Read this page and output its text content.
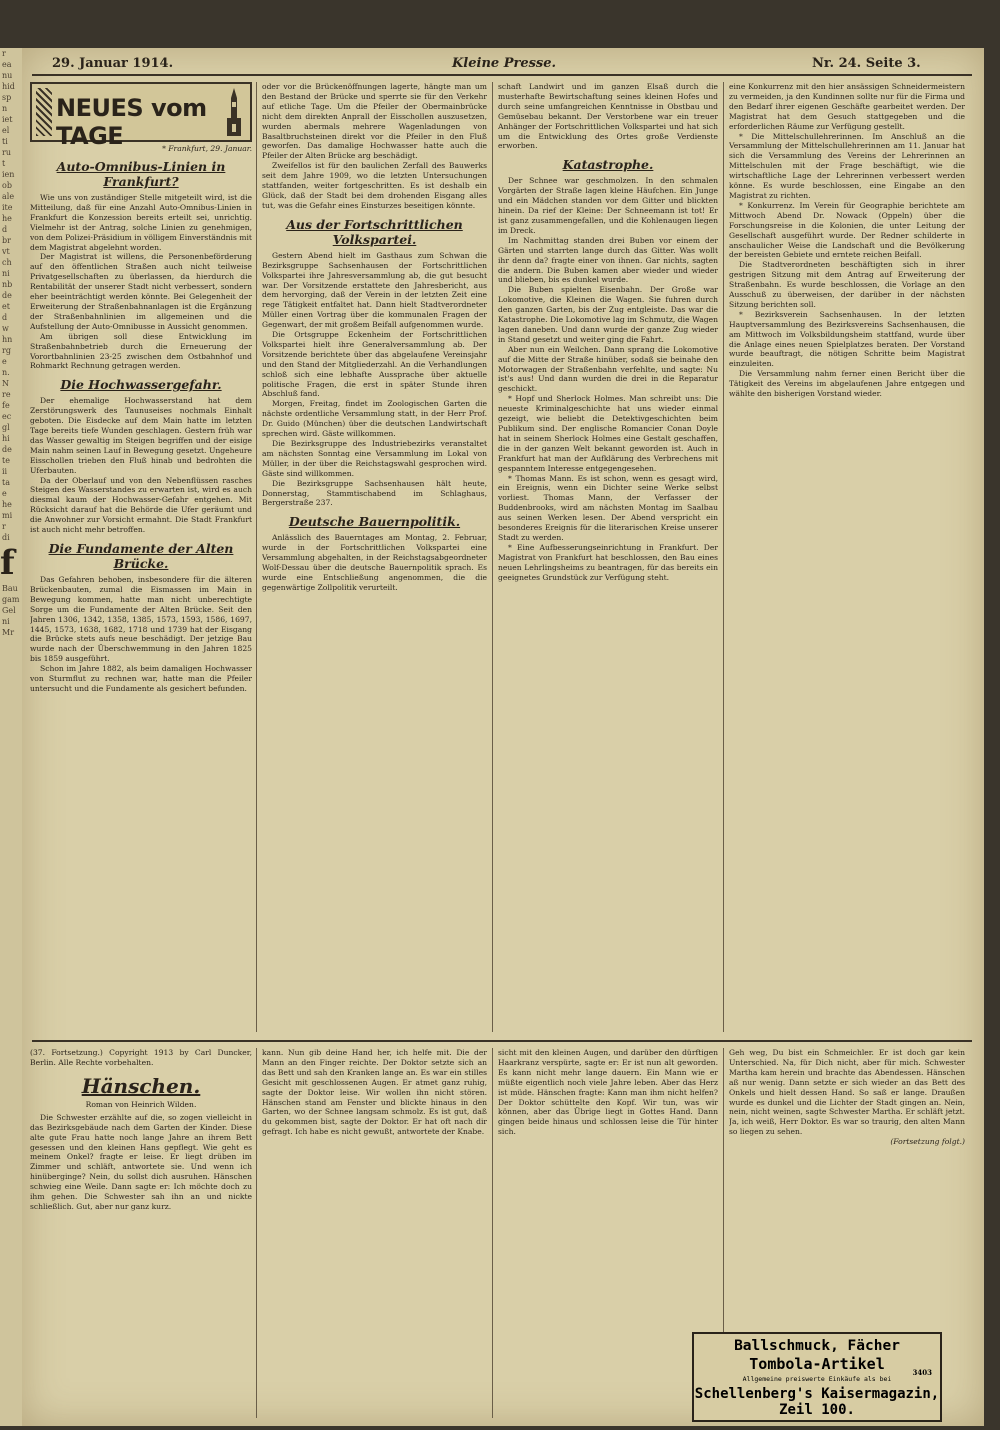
r
ea
nu
hid
sp
n
iet
el
ti
ru
t
ien
ob
ale
ite
he
d
br
vt
ch
ni
nb
de
et
d
w
hn
rg
e
n.
N
re
fe
ec
gl
hi
de
te
ii
ta
e
he
mi
r
di
f
Bau
gam
Gel
ni
Mr
29. Januar 1914.	Kleine Presse.	Nr. 24. Seite 3.
NEUES vom TAGE	* Frankfurt, 29. Januar.
Auto-Omnibus-Linien in Frankfurt?

Wie uns von zuständiger Stelle mitgeteilt wird, ist die Mitteilung, daß für eine Anzahl Auto-Omnibus-Linien in Frankfurt die Konzession bereits erteilt sei, unrichtig. Vielmehr ist der Antrag, solche Linien zu genehmigen, von dem Polizei-Präsidium in völligem Einverständnis mit dem Magistrat abgelehnt worden.

Der Magistrat ist willens, die Personenbeförderung auf den öffentlichen Straßen auch nicht teilweise Privatgesellschaften zu überlassen, da hierdurch die Rentabilität der unserer Stadt nicht verbessert, sondern eher beeinträchtigt werden könnte. Bei Gelegenheit der Erweiterung der Straßenbahnanlagen ist die Ergänzung der Straßenbahnlinien im allgemeinen und die Aufstellung der Auto-Omnibusse in Aussicht genommen.

Am übrigen soll diese Entwicklung im Straßenbahnbetrieb durch die Erneuerung der Vorortbahnlinien 23-25 zwischen dem Ostbahnhof und Rohmarkt Rechnung getragen werden.

Die Hochwassergefahr.

Der ehemalige Hochwasserstand hat dem Zerstörungswerk des Taunuseises nochmals Einhalt geboten. Die Eisdecke auf dem Main hatte im letzten Tage bereits tiefe Wunden geschlagen. Gestern früh war das Wasser gewaltig im Steigen begriffen und der eisige Main nahm seinen Lauf in Bewegung gesetzt. Ungeheure Eisschollen trieben den Fluß hinab und bedrohten die Uferbauten.

Da der Oberlauf und von den Nebenflüssen rasches Steigen des Wasserstandes zu erwarten ist, wird es auch diesmal kaum der Hochwasser-Gefahr entgehen. Mit Rücksicht darauf hat die Behörde die Ufer geräumt und die Anwohner zur Vorsicht ermahnt. Die Stadt Frankfurt ist auch nicht mehr betroffen.

Die Fundamente der Alten Brücke.

Das Gefahren behoben, insbesondere für die älteren Brückenbauten, zumal die Eismassen im Main in Bewegung kommen, hatte man nicht unberechtigte Sorge um die Fundamente der Alten Brücke. Seit den Jahren 1306, 1342, 1358, 1385, 1573, 1593, 1586, 1697, 1445, 1573, 1638, 1682, 1718 und 1739 hat der Eisgang die Brücke stets aufs neue beschädigt. Der jetzige Bau wurde nach der Überschwemmung in den Jahren 1825 bis 1859 ausgeführt.

Schon im Jahre 1882, als beim damaligen Hochwasser von Sturmflut zu rechnen war, hatte man die Pfeiler untersucht und die Fundamente als gesichert befunden.

oder vor die Brückenöffnungen lagerte, hängte man um den Bestand der Brücke und sperrte sie für den Verkehr auf etliche Tage. Um die Pfeiler der Obermainbrücke nicht dem direkten Anprall der Eisschollen auszusetzen, wurden abermals mehrere Wagenladungen von Basaltbruchsteinen direkt vor die Pfeiler in den Fluß geworfen. Das damalige Hochwasser hatte auch die Pfeiler der Alten Brücke arg beschädigt.

Zweifellos ist für den baulichen Zerfall des Bauwerks seit dem Jahre 1909, wo die letzten Untersuchungen stattfanden, weiter fortgeschritten. Es ist deshalb ein Glück, daß der Stadt bei dem drohenden Eisgang alles tut, was die Gefahr eines Einsturzes beseitigen könnte.

Aus der Fortschrittlichen Volkspartei.

Gestern Abend hielt im Gasthaus zum Schwan die Bezirksgruppe Sachsenhausen der Fortschrittlichen Volkspartei ihre Jahresversammlung ab, die gut besucht war. Der Vorsitzende erstattete den Jahresbericht, aus dem hervorging, daß der Verein in der letzten Zeit eine rege Tätigkeit entfaltet hat. Dann hielt Stadtverordneter Müller einen Vortrag über die kommunalen Fragen der Gegenwart, der mit großem Beifall aufgenommen wurde.

Die Ortsgruppe Eckenheim der Fortschrittlichen Volkspartei hielt ihre Generalversammlung ab. Der Vorsitzende berichtete über das abgelaufene Vereinsjahr und den Stand der Mitgliederzahl. An die Verhandlungen schloß sich eine lebhafte Aussprache über aktuelle politische Fragen, die erst in später Stunde ihren Abschluß fand.

Morgen, Freitag, findet im Zoologischen Garten die nächste ordentliche Versammlung statt, in der Herr Prof. Dr. Guido (München) über die deutschen Landwirtschaft sprechen wird. Gäste willkommen.

Die Bezirksgruppe des Industriebezirks veranstaltet am nächsten Sonntag eine Versammlung im Lokal von Müller, in der über die Reichstagswahl gesprochen wird. Gäste sind willkommen.

Die Bezirksgruppe Sachsenhausen hält heute, Donnerstag, Stammtischabend im Schlaghaus, Bergerstraße 237.

Deutsche Bauernpolitik.

Anlässlich des Bauerntages am Montag, 2. Februar, wurde in der Fortschrittlichen Volkspartei eine Versammlung abgehalten, in der Reichstagsabgeordneter Wolf-Dessau über die deutsche Bauernpolitik sprach. Es wurde eine Entschließung angenommen, die die gegenwärtige Zollpolitik verurteilt.

schaft Landwirt und im ganzen Elsaß durch die musterhafte Bewirtschaftung seines kleinen Hofes und durch seine umfangreichen Kenntnisse in Obstbau und Gemüsebau bekannt. Der Verstorbene war ein treuer Anhänger der Fortschrittlichen Volkspartei und hat sich um die Entwicklung des Ortes große Verdienste erworben.

Katastrophe.

Der Schnee war geschmolzen. In den schmalen Vorgärten der Straße lagen kleine Häufchen. Ein Junge und ein Mädchen standen vor dem Gitter und blickten hinein. Da rief der Kleine: Der Schneemann ist tot! Er ist ganz zusammengefallen, und die Kohlenaugen liegen im Dreck.

Im Nachmittag standen drei Buben vor einem der Gärten und starrten lange durch das Gitter. Was wollt ihr denn da? fragte einer von ihnen. Gar nichts, sagten die andern. Die Buben kamen aber wieder und wieder und blieben, bis es dunkel wurde.

Die Buben spielten Eisenbahn. Der Große war Lokomotive, die Kleinen die Wagen. Sie fuhren durch den ganzen Garten, bis der Zug entgleiste. Das war die Katastrophe. Die Lokomotive lag im Schmutz, die Wagen lagen daneben. Und dann wurde der ganze Zug wieder in Stand gesetzt und weiter ging die Fahrt.

Aber nun ein Weilchen. Dann sprang die Lokomotive auf die Mitte der Straße hinüber, sodaß sie beinahe den Motorwagen der Straßenbahn verfehlte, und sagte: Nu ist's aus! Und dann wurden die drei in die Reparatur geschickt.

* Hopf und Sherlock Holmes. Man schreibt uns: Die neueste Kriminalgeschichte hat uns wieder einmal gezeigt, wie beliebt die Detektivgeschichten beim Publikum sind. Der englische Romancier Conan Doyle hat in seinem Sherlock Holmes eine Gestalt geschaffen, die in der ganzen Welt bekannt geworden ist. Auch in Frankfurt hat man der Aufklärung des Verbrechens mit gespanntem Interesse entgegengesehen.

* Thomas Mann. Es ist schon, wenn es gesagt wird, ein Ereignis, wenn ein Dichter seine Werke selbst vorliest. Thomas Mann, der Verfasser der Buddenbrooks, wird am nächsten Montag im Saalbau aus seinen Werken lesen. Der Abend verspricht ein besonderes Ereignis für die literarischen Kreise unserer Stadt zu werden.

* Eine Aufbesserungseinrichtung in Frankfurt. Der Magistrat von Frankfurt hat beschlossen, den Bau eines neuen Lehrlingsheims zu beantragen, für das bereits ein geeignetes Grundstück zur Verfügung steht.

eine Konkurrenz mit den hier ansässigen Schneidermeistern zu vermeiden, ja den Kundinnen sollte nur für die Firma und den Bedarf ihrer eigenen Geschäfte gearbeitet werden. Der Magistrat hat dem Gesuch stattgegeben und die erforderlichen Räume zur Verfügung gestellt.

* Die Mittelschullehrerinnen. Im Anschluß an die Versammlung der Mittelschullehrerinnen am 11. Januar hat sich die Versammlung des Vereins der Lehrerinnen an Mittelschulen mit der Frage beschäftigt, wie die wirtschaftliche Lage der Lehrerinnen verbessert werden könne. Es wurde beschlossen, eine Eingabe an den Magistrat zu richten.

* Konkurrenz. Im Verein für Geographie berichtete am Mittwoch Abend Dr. Nowack (Oppeln) über die Forschungsreise in die Kolonien, die unter Leitung der Gesellschaft ausgeführt wurde. Der Redner schilderte in anschaulicher Weise die Landschaft und die Bevölkerung der bereisten Gebiete und erntete reichen Beifall.

Die Stadtverordneten beschäftigten sich in ihrer gestrigen Sitzung mit dem Antrag auf Erweiterung der Straßenbahn. Es wurde beschlossen, die Vorlage an den Ausschuß zu überweisen, der darüber in der nächsten Sitzung berichten soll.

* Bezirksverein Sachsenhausen. In der letzten Hauptversammlung des Bezirksvereins Sachsenhausen, die am Mittwoch im Volksbildungsheim stattfand, wurde über die Anlage eines neuen Spielplatzes beraten. Der Vorstand wurde beauftragt, die nötigen Schritte beim Magistrat einzuleiten.

Die Versammlung nahm ferner einen Bericht über die Tätigkeit des Vereins im abgelaufenen Jahre entgegen und wählte den bisherigen Vorstand wieder.

(37. Fortsetzung.) Copyright 1913 by Carl Duncker, Berlin. Alle Rechte vorbehalten.

Hänschen.
Roman von Heinrich Wilden.

Die Schwester erzählte auf die, so zogen vielleicht in das Bezirksgebäude nach dem Garten der Kinder. Diese alte gute Frau hatte noch lange Jahre an ihrem Bett gesessen und den kleinen Hans gepflegt. Wie geht es meinem Onkel? fragte er leise. Er liegt drüben im Zimmer und schläft, antwortete sie. Und wenn ich hinüberginge? Nein, du sollst dich ausruhen. Hänschen schwieg eine Weile. Dann sagte er: Ich möchte doch zu ihm gehen. Die Schwester sah ihn an und nickte schließlich. Gut, aber nur ganz kurz.

kann. Nun gib deine Hand her, ich helfe mit. Die der Mann an den Finger reichte. Der Doktor setzte sich an das Bett und sah den Kranken lange an. Es war ein stilles Gesicht mit geschlossenen Augen. Er atmet ganz ruhig, sagte der Doktor leise. Wir wollen ihn nicht stören. Hänschen stand am Fenster und blickte hinaus in den Garten, wo der Schnee langsam schmolz. Es ist gut, daß du gekommen bist, sagte der Doktor. Er hat oft nach dir gefragt. Ich habe es nicht gewußt, antwortete der Knabe.

sicht mit den kleinen Augen, und darüber den dürftigen Haarkranz verspürte, sagte er: Er ist nun alt geworden. Es kann nicht mehr lange dauern. Ein Mann wie er müßte eigentlich noch viele Jahre leben. Aber das Herz ist müde. Hänschen fragte: Kann man ihm nicht helfen? Der Doktor schüttelte den Kopf. Wir tun, was wir können, aber das Übrige liegt in Gottes Hand. Dann gingen beide hinaus und schlossen leise die Tür hinter sich.

Geh weg, Du bist ein Schmeichler. Er ist doch gar kein Unterschied. Na, für Dich nicht, aber für mich. Schwester Martha kam herein und brachte das Abendessen. Hänschen aß nur wenig. Dann setzte er sich wieder an das Bett des Onkels und hielt dessen Hand. So saß er lange. Draußen wurde es dunkel und die Lichter der Stadt gingen an. Nein, nein, nicht weinen, sagte Schwester Martha. Er schläft jetzt. Ja, ich weiß, Herr Doktor. Es war so traurig, den alten Mann so liegen zu sehen.

(Fortsetzung folgt.)

Ballschmuck, Fächer
Tombola-Artikel
Allgemeine preiswerte Einkäufe als bei
Schellenberg's Kaisermagazin, Zeil 100.
3403
